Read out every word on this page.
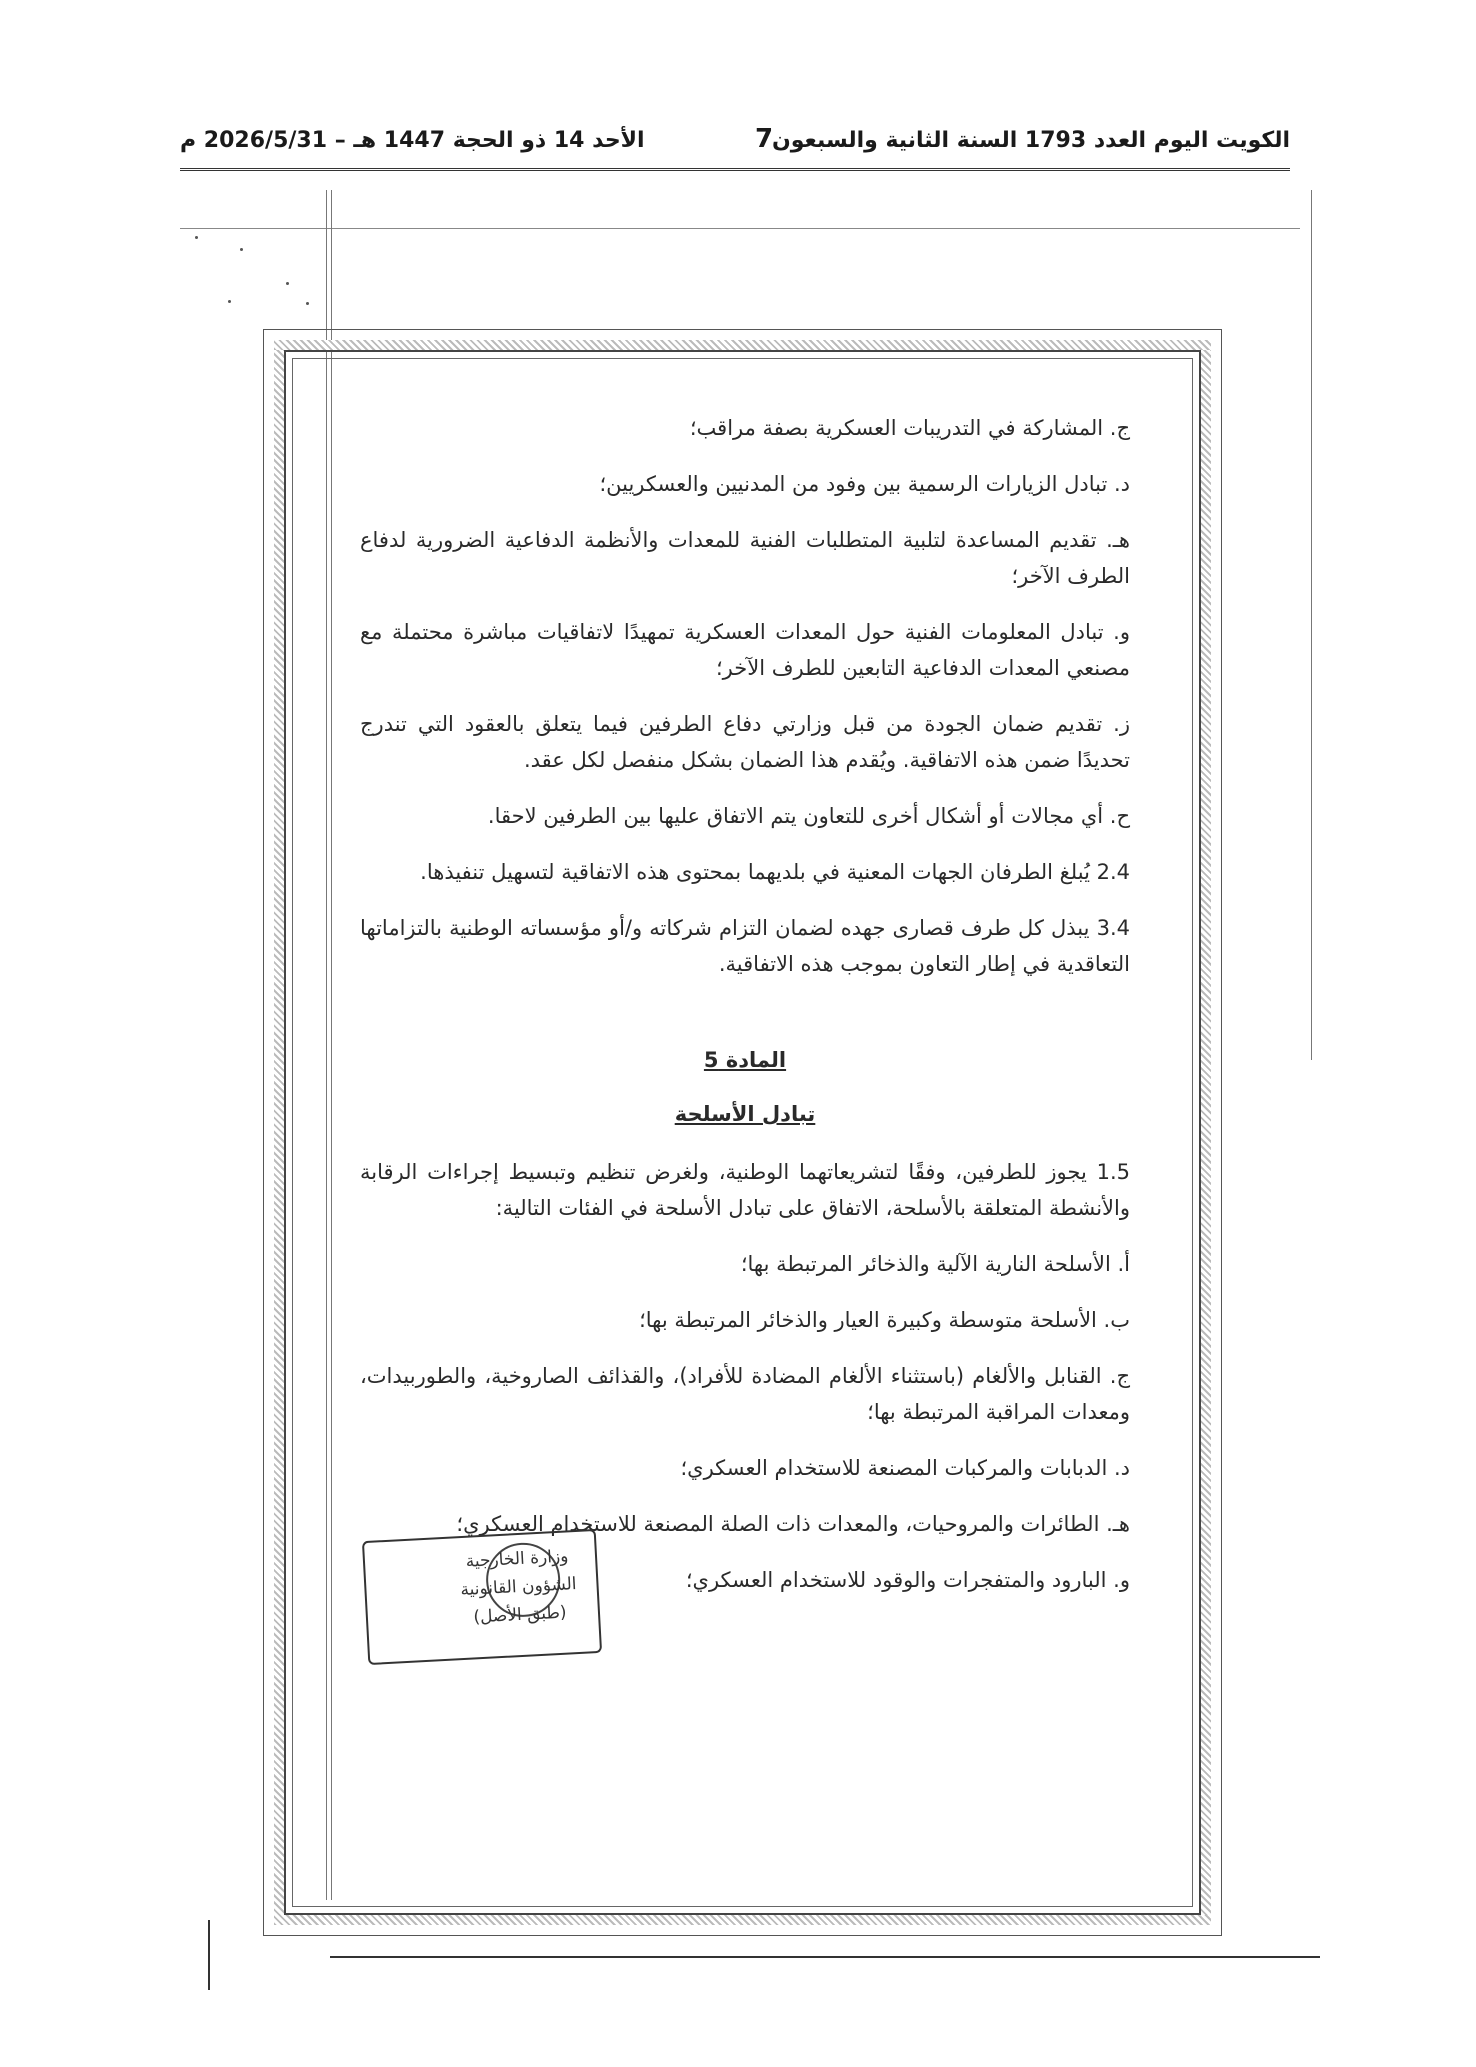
الكويت اليوم العدد 1793 السنة الثانية والسبعون
7
الأحد 14 ذو الحجة 1447 هـ – 2026/5/31 م

ج. المشاركة في التدريبات العسكرية بصفة مراقب؛

د. تبادل الزيارات الرسمية بين وفود من المدنيين والعسكريين؛

هـ. تقديم المساعدة لتلبية المتطلبات الفنية للمعدات والأنظمة الدفاعية الضرورية لدفاع الطرف الآخر؛

و. تبادل المعلومات الفنية حول المعدات العسكرية تمهيدًا لاتفاقيات مباشرة محتملة مع مصنعي المعدات الدفاعية التابعين للطرف الآخر؛

ز. تقديم ضمان الجودة من قبل وزارتي دفاع الطرفين فيما يتعلق بالعقود التي تندرج تحديدًا ضمن هذه الاتفاقية. ويُقدم هذا الضمان بشكل منفصل لكل عقد.

ح. أي مجالات أو أشكال أخرى للتعاون يتم الاتفاق عليها بين الطرفين لاحقا.

2.4 يُبلغ الطرفان الجهات المعنية في بلديهما بمحتوى هذه الاتفاقية لتسهيل تنفيذها.

3.4 يبذل كل طرف قصارى جهده لضمان التزام شركاته و/أو مؤسساته الوطنية بالتزاماتها التعاقدية في إطار التعاون بموجب هذه الاتفاقية.

المادة 5

تبادل الأسلحة

1.5 يجوز للطرفين، وفقًا لتشريعاتهما الوطنية، ولغرض تنظيم وتبسيط إجراءات الرقابة والأنشطة المتعلقة بالأسلحة، الاتفاق على تبادل الأسلحة في الفئات التالية:

أ. الأسلحة النارية الآلية والذخائر المرتبطة بها؛

ب. الأسلحة متوسطة وكبيرة العيار والذخائر المرتبطة بها؛

ج. القنابل والألغام (باستثناء الألغام المضادة للأفراد)، والقذائف الصاروخية، والطوربيدات، ومعدات المراقبة المرتبطة بها؛

د. الدبابات والمركبات المصنعة للاستخدام العسكري؛

هـ. الطائرات والمروحيات، والمعدات ذات الصلة المصنعة للاستخدام العسكري؛

و. البارود والمتفجرات والوقود للاستخدام العسكري؛

وزارة الخارجية
الشؤون القانونية
(طبق الأصل)
